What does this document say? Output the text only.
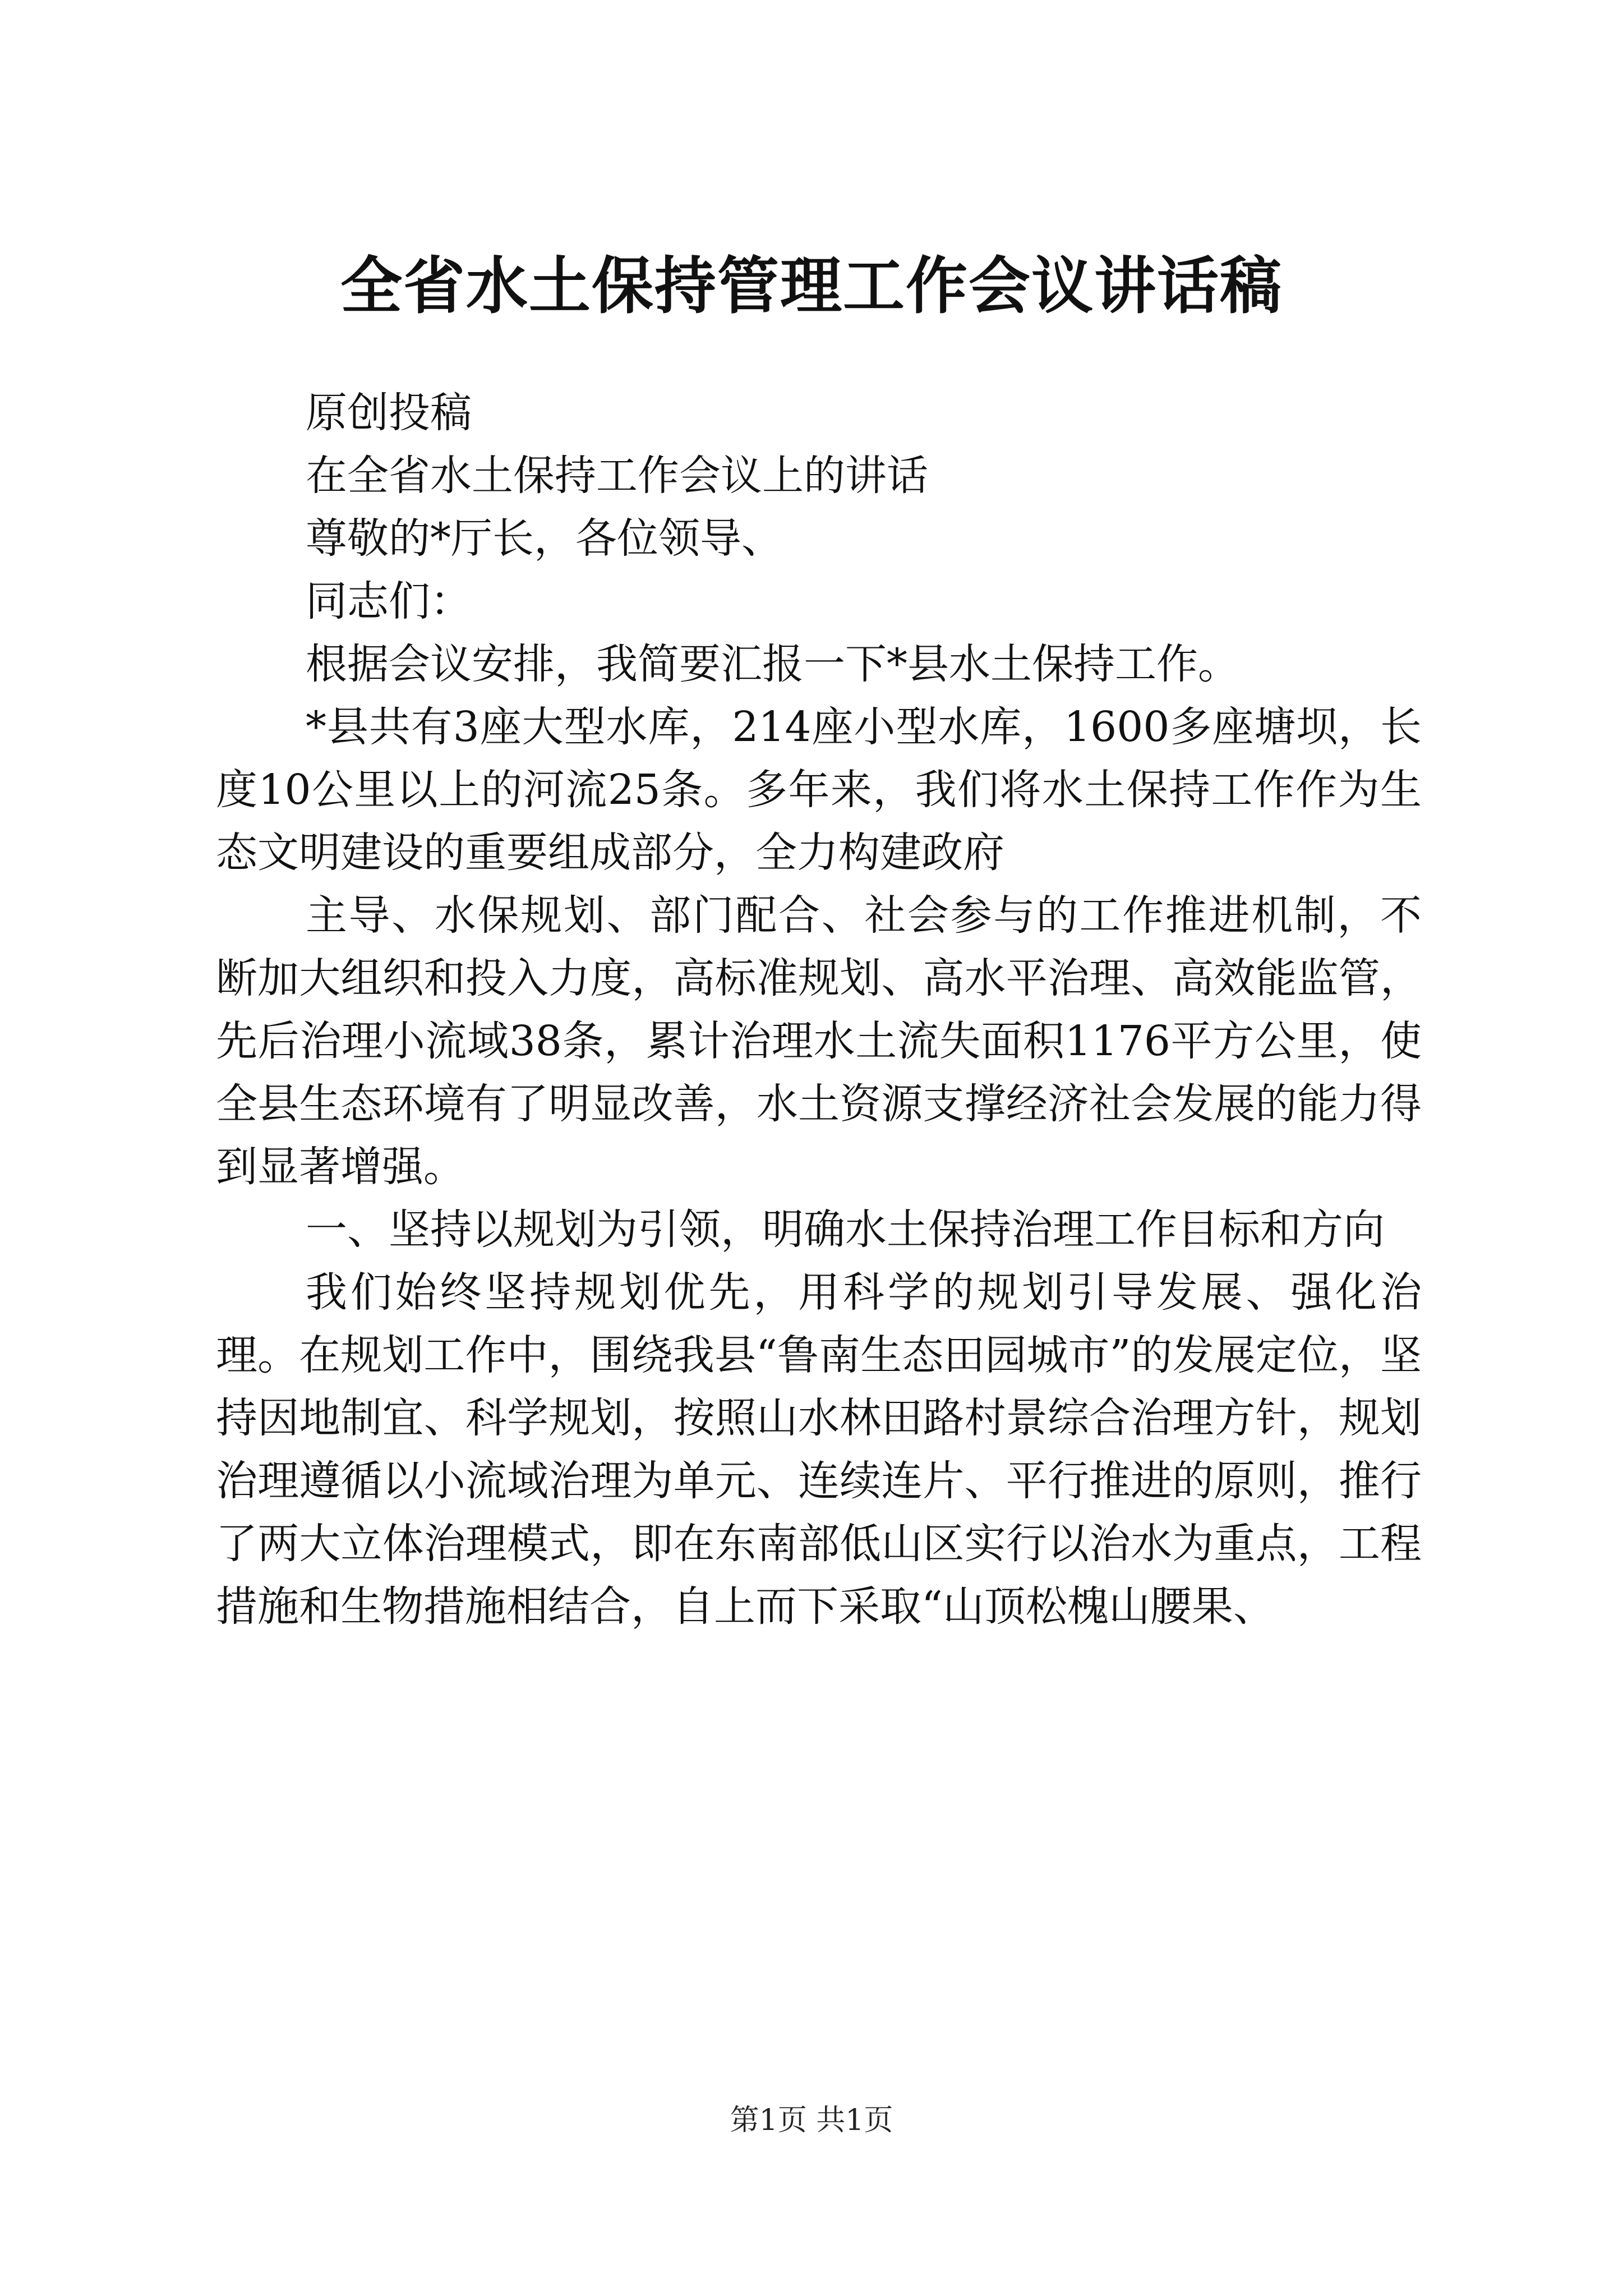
全省水土保持管理工作会议讲话稿

原创投稿

在全省水土保持工作会议上的讲话

尊敬的*厅长，各位领导、

同志们：

根据会议安排，我简要汇报一下*县水土保持工作。

*县共有3座大型水库，214座小型水库，1600多座塘坝，长度10公里以上的河流25条。多年来，我们将水土保持工作作为生态文明建设的重要组成部分，全力构建政府

主导、水保规划、部门配合、社会参与的工作推进机制，不断加大组织和投入力度，高标准规划、高水平治理、高效能监管，先后治理小流域38条，累计治理水土流失面积1176平方公里，使全县生态环境有了明显改善，水土资源支撑经济社会发展的能力得到显著增强。

一、坚持以规划为引领，明确水土保持治理工作目标和方向

我们始终坚持规划优先，用科学的规划引导发展、强化治理。在规划工作中，围绕我县“鲁南生态田园城市”的发展定位，坚持因地制宜、科学规划，按照山水林田路村景综合治理方针，规划治理遵循以小流域治理为单元、连续连片、平行推进的原则，推行了两大立体治理模式，即在东南部低山区实行以治水为重点，工程措施和生物措施相结合，自上而下采取“山顶松槐山腰果、

第1页 共1页
